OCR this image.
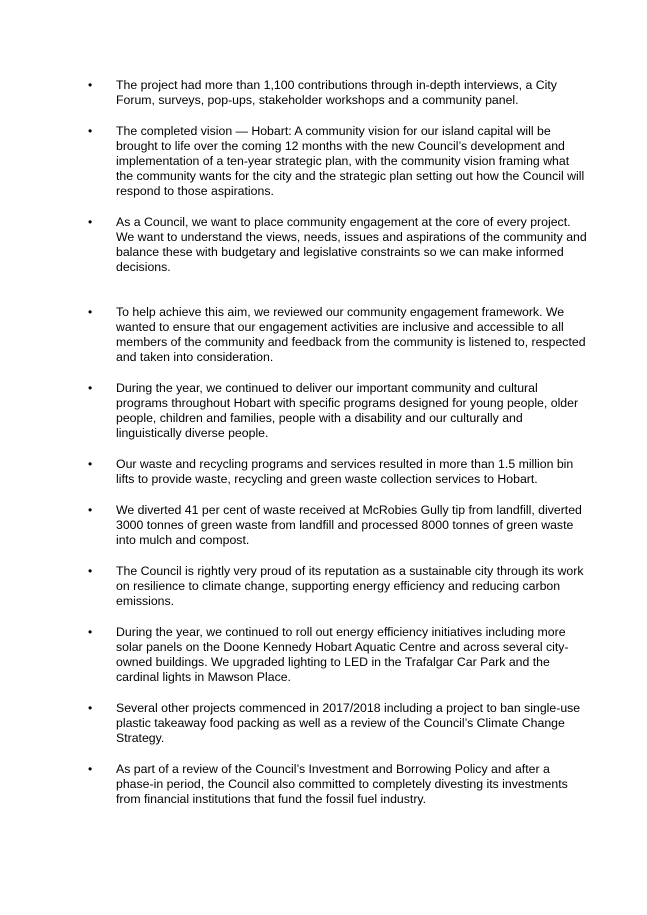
• The project had more than 1,100 contributions through in-depth interviews, a City Forum, surveys, pop-ups, stakeholder workshops and a community panel.
• The completed vision — Hobart: A community vision for our island capital will be brought to life over the coming 12 months with the new Council’s development and implementation of a ten-year strategic plan, with the community vision framing what the community wants for the city and the strategic plan setting out how the Council will respond to those aspirations.
• As a Council, we want to place community engagement at the core of every project. We want to understand the views, needs, issues and aspirations of the community and balance these with budgetary and legislative constraints so we can make informed decisions.
• To help achieve this aim, we reviewed our community engagement framework. We wanted to ensure that our engagement activities are inclusive and accessible to all members of the community and feedback from the community is listened to, respected and taken into consideration.
• During the year, we continued to deliver our important community and cultural programs throughout Hobart with specific programs designed for young people, older people, children and families, people with a disability and our culturally and linguistically diverse people.
• Our waste and recycling programs and services resulted in more than 1.5 million bin lifts to provide waste, recycling and green waste collection services to Hobart.
• We diverted 41 per cent of waste received at McRobies Gully tip from landfill, diverted 3000 tonnes of green waste from landfill and processed 8000 tonnes of green waste into mulch and compost.
• The Council is rightly very proud of its reputation as a sustainable city through its work on resilience to climate change, supporting energy efficiency and reducing carbon emissions.
• During the year, we continued to roll out energy efficiency initiatives including more solar panels on the Doone Kennedy Hobart Aquatic Centre and across several city-owned buildings. We upgraded lighting to LED in the Trafalgar Car Park and the cardinal lights in Mawson Place.
• Several other projects commenced in 2017/2018 including a project to ban single-use plastic takeaway food packing as well as a review of the Council’s Climate Change Strategy.
• As part of a review of the Council’s Investment and Borrowing Policy and after a phase-in period, the Council also committed to completely divesting its investments from financial institutions that fund the fossil fuel industry.
